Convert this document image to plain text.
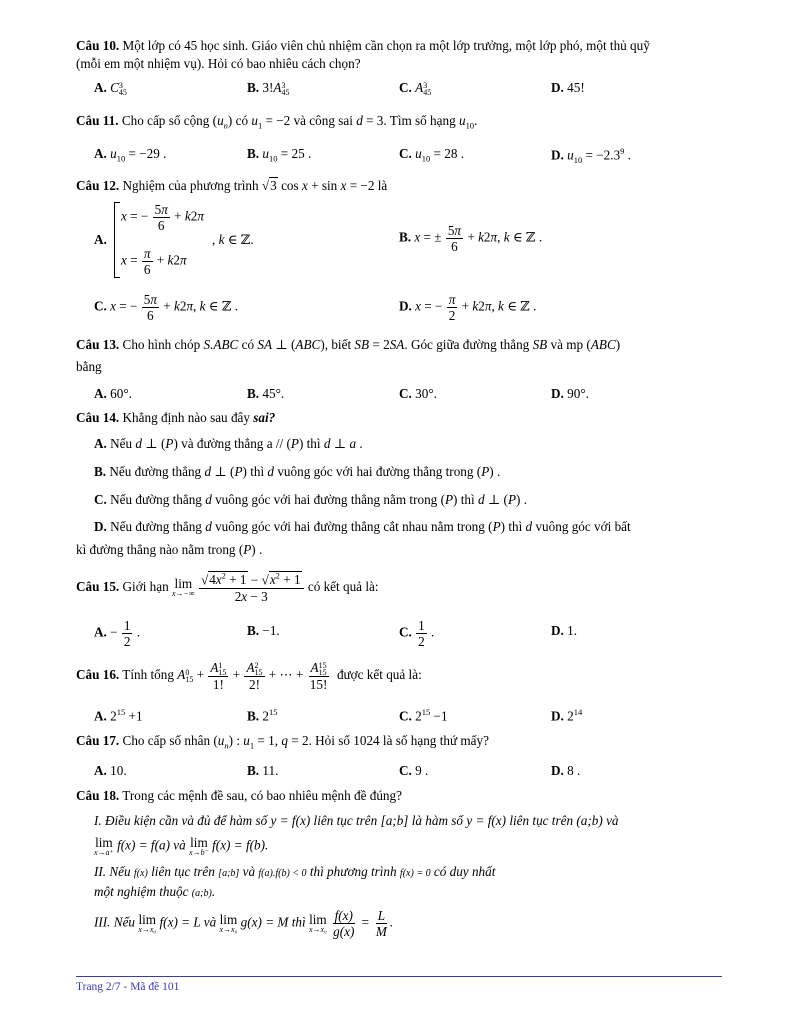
Câu 10. Một lớp có 45 học sinh. Giáo viên chủ nhiệm cần chọn ra một lớp trưởng, một lớp phó, một thủ quỹ
(mỗi em một nhiệm vụ). Hỏi có bao nhiêu cách chọn?
A. C 3
45	B. 3!A 3
45	C. A 3
45	D. 45!
Câu 11. Cho cấp số cộng $(u_n)$ có $u_1 = -2$ và công sai d = 3. Tìm số hạng $u_{10}$.
A. $u_{10} = -29$ .	B. $u_{10} = 25$ .	C. $u_{10} = 28$ .	D. $u_{10} = -2.3^9$ .
Câu 12. Nghiệm của phương trình √3 cos x + sin x = −2 là
A.
x = − $\frac{5\pi}{6} + k2\pi$
$x = \frac{\pi}{6} + k2\pi$
, k ∈ ℤ.	B. x = ± $\frac{5\pi}{6} + k2\pi$, k ∈ ℤ .
C. x = − $\frac{5\pi}{6} + k2\pi$, k ∈ ℤ .	D. x = − $\frac{\pi}{2} + k2\pi$, k ∈ ℤ .
Câu 13. Cho hình chóp S.ABC có SA ⊥ (ABC), biết SB = 2SA. Góc giữa đường thẳng SB và mp (ABC)
bằng
A. 60°.	B. 45°.	C. 30°.	D. 90°.
Câu 14. Khẳng định nào sau đây sai?
A. Nếu d ⊥ (P) và đường thẳng a // (P) thì d ⊥ a .
B. Nếu đường thẳng d ⊥ (P) thì d vuông góc với hai đường thẳng trong (P) .
C. Nếu đường thẳng d vuông góc với hai đường thẳng nằm trong (P) thì d ⊥ (P) .
D. Nếu đường thẳng d vuông góc với hai đường thẳng cắt nhau nằm trong (P) thì d vuông góc với bất
kì đường thẳng nào nằm trong (P) .
Câu 15. Giới hạn lim
x→−∞
$\frac{√4x^2 + 1 - √x^2 + 1}{2x - 3}$ có kết quả là:
A. − $\frac{1}{2}$ .	B. −1.	C. $\frac{1}{2}$ .	D. 1.
Câu 16. Tính tổng A 0
15 + A 1
15
1! + A 2
15
2! + ⋯ + A 15
15
15! được kết quả là:
A. $2^{15} +1$	B. $2^{15}$	C. $2^{15} -1$	D. $2^{14}$
Câu 17. Cho cấp số nhân $(u_n)$ : $u_1 = 1$, q = 2. Hỏi số 1024 là số hạng thứ mấy?
A. 10.	B. 11.	C. 9 .	D. 8 .
Câu 18. Trong các mệnh đề sau, có bao nhiêu mệnh đề đúng?
I. Điều kiện cần và đủ để hàm số y = f(x) liên tục trên [a;b] là hàm số y = f(x) liên tục trên (a;b) và
lim
x→a⁺
f(x) = f(a) và lim
x→b⁻
f(x) = f(b).
II. Nếu f(x) liên tục trên [a;b] và f(a).f(b) < 0 thì phương trình f(x) = 0 có duy nhất
một nghiệm thuộc (a;b).
III. Nếu lim
x→x₀
f(x) = L và lim
x→x₀
g(x) = M thì lim
x→x₀
$\frac{f(x)}{g(x)} = \frac{L}{M}$ .
Trang 2/7 - Mã đề 101
